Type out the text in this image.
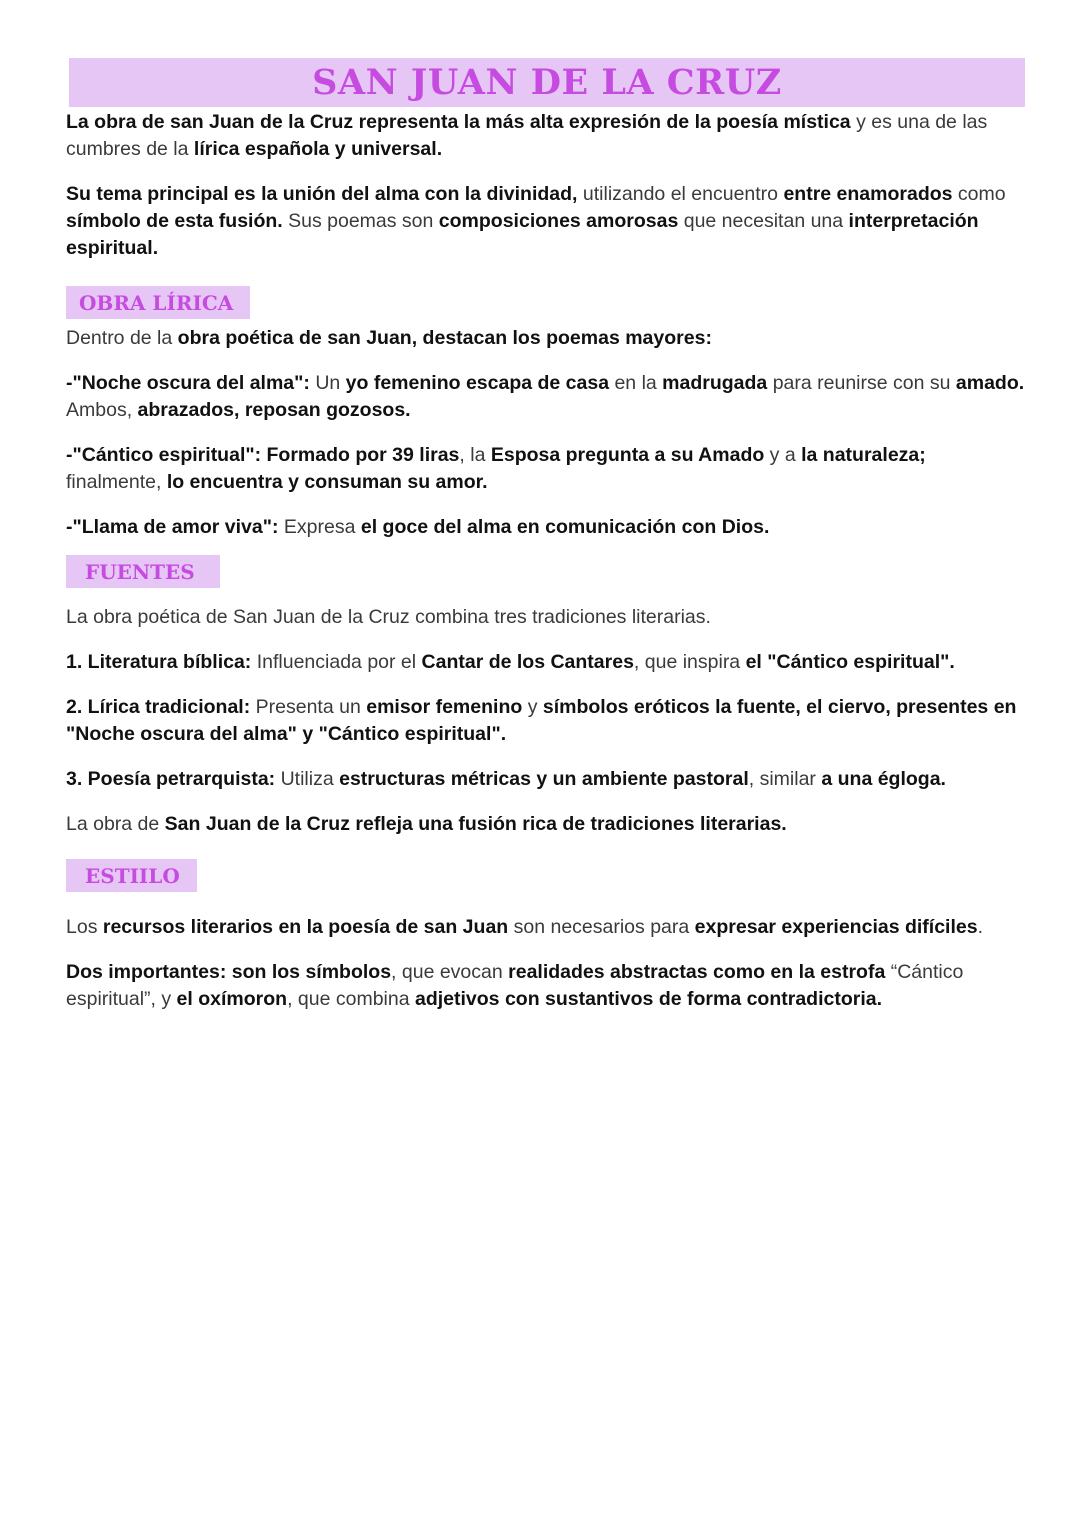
SAN JUAN DE LA CRUZ

La obra de san Juan de la Cruz representa la más alta expresión de la poesía mística y es una de las cumbres de la lírica española y universal.

Su tema principal es la unión del alma con la divinidad, utilizando el encuentro entre enamorados como símbolo de esta fusión. Sus poemas son composiciones amorosas que necesitan una interpretación espiritual.

OBRA LÍRICA

Dentro de la obra poética de san Juan, destacan los poemas mayores:

-"Noche oscura del alma": Un yo femenino escapa de casa en la madrugada para reunirse con su amado. Ambos, abrazados, reposan gozosos.

-"Cántico espiritual": Formado por 39 liras, la Esposa pregunta a su Amado y a la naturaleza; finalmente, lo encuentra y consuman su amor.

-"Llama de amor viva": Expresa el goce del alma en comunicación con Dios.

FUENTES

La obra poética de San Juan de la Cruz combina tres tradiciones literarias.

1. Literatura bíblica: Influenciada por el Cantar de los Cantares, que inspira el "Cántico espiritual".

2. Lírica tradicional: Presenta un emisor femenino y símbolos eróticos la fuente, el ciervo, presentes en "Noche oscura del alma" y "Cántico espiritual".

3. Poesía petrarquista: Utiliza estructuras métricas y un ambiente pastoral, similar a una égloga.

La obra de San Juan de la Cruz refleja una fusión rica de tradiciones literarias.

ESTIILO

Los recursos literarios en la poesía de san Juan son necesarios para expresar experiencias difíciles.

Dos importantes: son los símbolos, que evocan realidades abstractas como en la estrofa “Cántico espiritual”, y el oxímoron, que combina adjetivos con sustantivos de forma contradictoria.
